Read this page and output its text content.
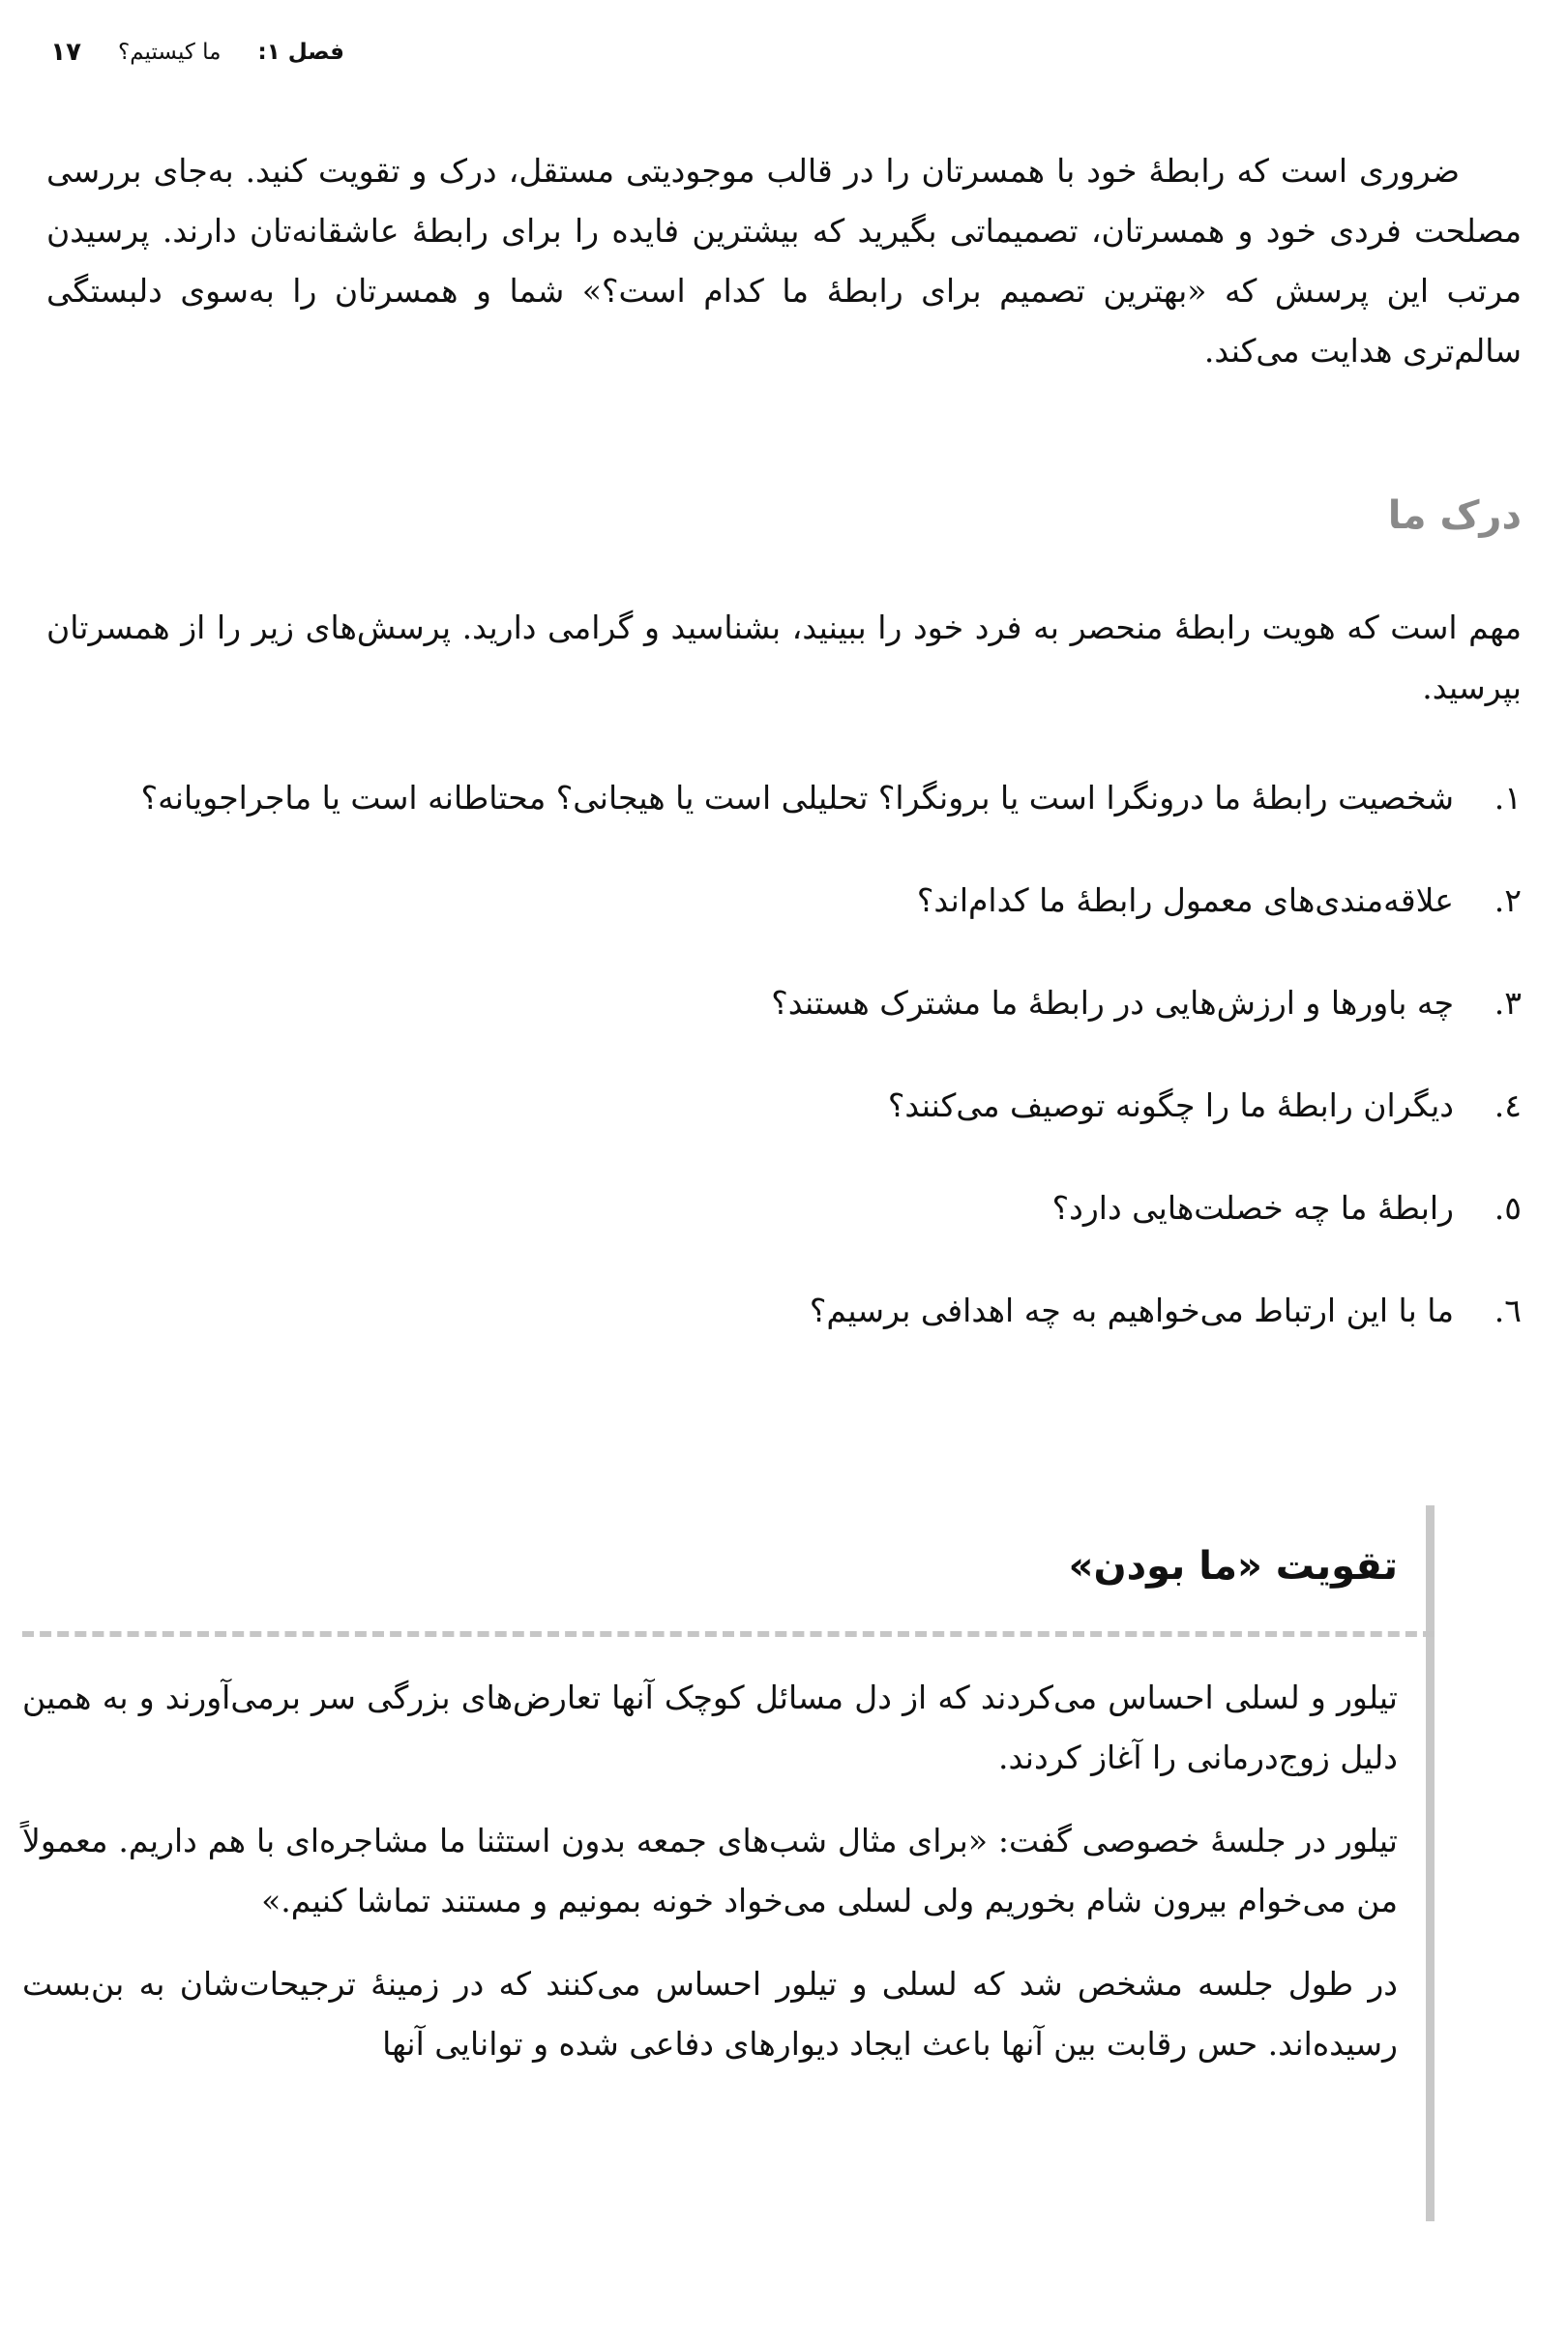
فصل ۱:
ما کیستیم؟
۱۷

ضروری است که رابطهٔ خود با همسرتان را در قالب موجودیتی مستقل، درک و تقویت کنید. به‌جای بررسی مصلحت فردی خود و همسرتان، تصمیماتی بگیرید که بیشترین فایده را برای رابطهٔ عاشقانه‌تان دارند. پرسیدن مرتب این پرسش که «بهترین تصمیم برای رابطهٔ ما کدام است؟» شما و همسرتان را به‌سوی دلبستگی سالم‌تری هدایت می‌کند.

درک ما

مهم است که هویت رابطهٔ منحصر به فرد خود را ببینید، بشناسید و گرامی دارید. پرسش‌های زیر را از همسرتان بپرسید.

۱.
شخصیت رابطهٔ ما درونگرا است یا برونگرا؟ تحلیلی است یا هیجانی؟ محتاطانه است یا ماجراجویانه؟
۲.
علاقه‌مندی‌های معمول رابطهٔ ما کدام‌اند؟
۳.
چه باورها و ارزش‌هایی در رابطهٔ ما مشترک هستند؟
٤.
دیگران رابطهٔ ما را چگونه توصیف می‌کنند؟
٥.
رابطهٔ ما چه خصلت‌هایی دارد؟
٦.
ما با این ارتباط می‌خواهیم به چه اهدافی برسیم؟
تقویت «ما بودن»

تیلور و لسلی احساس می‌کردند که از دل مسائل کوچک آنها تعارض‌های بزرگی سر برمی‌آورند و به همین دلیل زوج‌درمانی را آغاز کردند.

تیلور در جلسهٔ خصوصی گفت: «برای مثال شب‌های جمعه بدون استثنا ما مشاجره‌ای با هم داریم. معمولاً من می‌خوام بیرون شام بخوریم ولی لسلی می‌خواد خونه بمونیم و مستند تماشا کنیم.»

در طول جلسه مشخص شد که لسلی و تیلور احساس می‌کنند که در زمینهٔ ترجیحات‌شان به بن‌بست رسیده‌اند. حس رقابت بین آنها باعث ایجاد دیوارهای دفاعی شده و توانایی آنها
